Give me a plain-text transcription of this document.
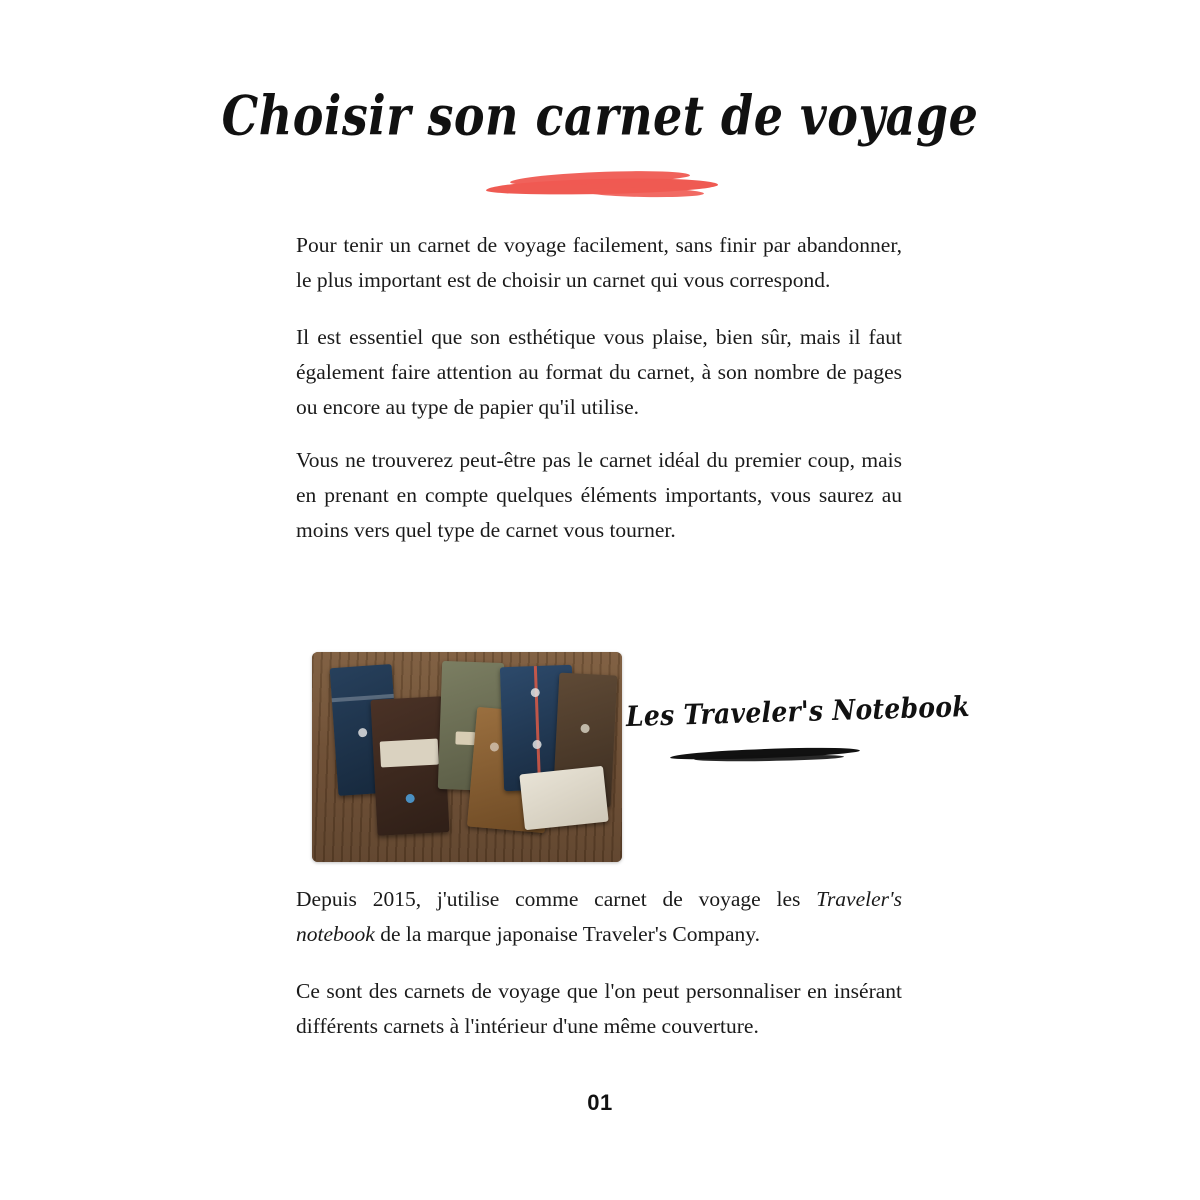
Choisir son carnet de voyage

Pour tenir un carnet de voyage facilement, sans finir par abandonner, le plus important est de choisir un carnet qui vous correspond.

Il est essentiel que son esthétique vous plaise, bien sûr, mais il faut également faire attention au format du carnet, à son nombre de pages ou encore au type de papier qu'il utilise.

Vous ne trouverez peut-être pas le carnet idéal du premier coup, mais en prenant en compte quelques éléments importants, vous saurez au moins vers quel type de carnet vous tourner.

Les Traveler's Notebook

Depuis 2015, j'utilise comme carnet de voyage les Traveler's notebook de la marque japonaise Traveler's Company.

Ce sont des carnets de voyage que l'on peut personnaliser en insérant différents carnets à l'intérieur d'une même couverture.

01
